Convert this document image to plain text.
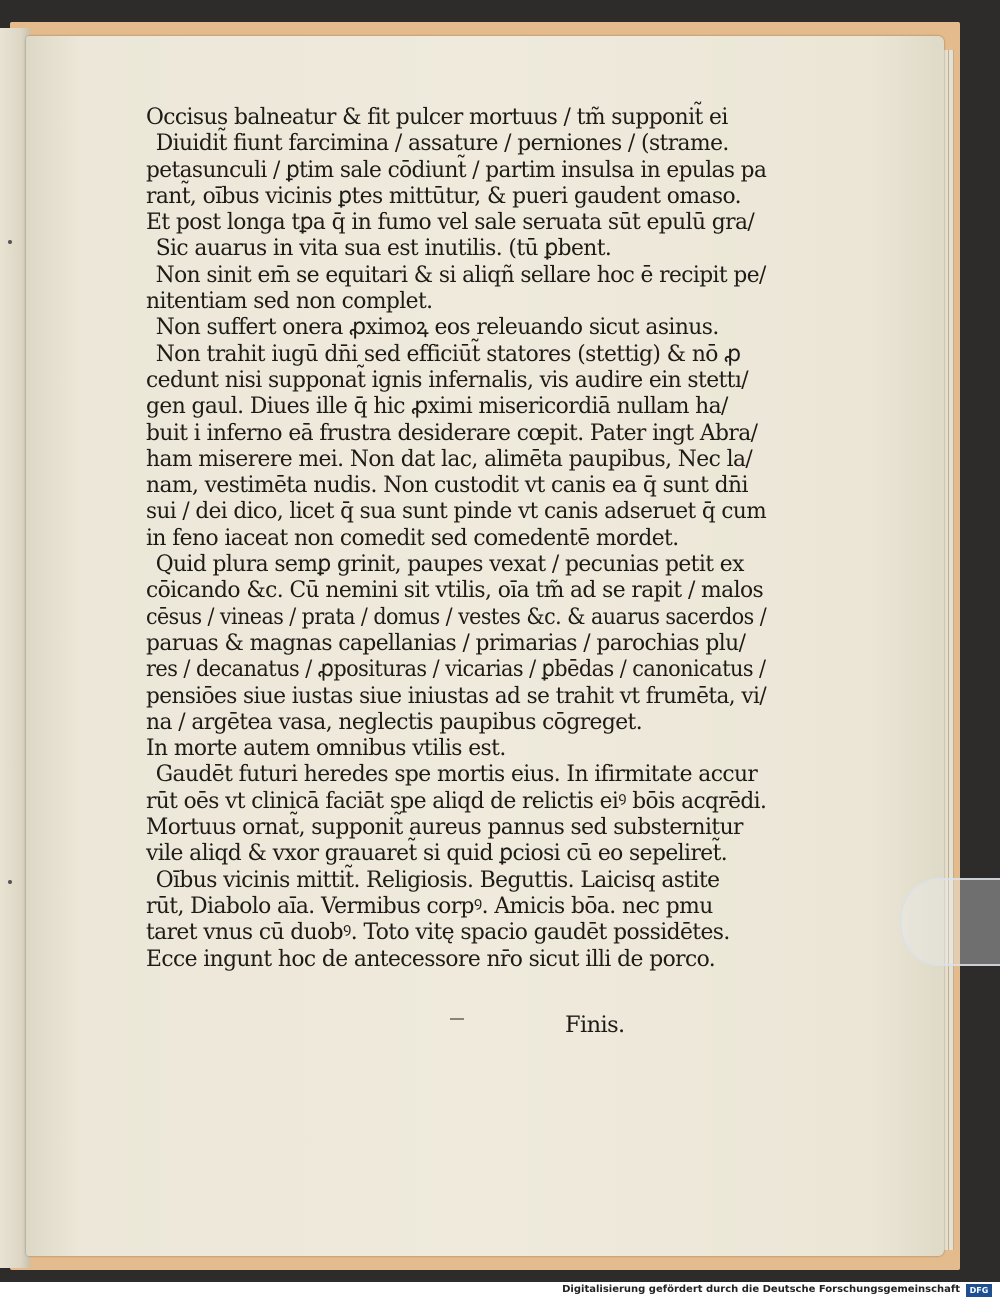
Occisus balneatur & fit pulcer mortuus / tm̃ supponit̃ ei
Diuidit̃ fiunt farcimina / assature / perniones / (strame.
petasunculi / ꝑtim sale cōdiunt̃ / partim insulsa in epulas pa
rant̃, oı̄bus vicinis ꝑtes mittūtur, & pueri gaudent omaso.
Et post longa tꝑa q̄ in fumo vel sale seruata sūt epulū gra/
Sic auarus in vita sua est inutilis. (tū ꝑbent.
Non sinit em̄ se equitari & si aliqñ sellare hoc ē recipit pe/
nitentiam sed non complet.
Non suffert onera ꝓximoꝝ eos releuando sicut asinus.
Non trahit iugū dn̄i sed efficiūt̃ statores (stettig) & nō ꝓ
cedunt nisi supponat̃ ignis infernalis, vis audire ein stettı/
gen gaul. Diues ille q̄ hic ꝓximi misericordiā nullam ha/
buit i inferno eā frustra desiderare cœpit. Pater ingt Abra/
ham miserere mei. Non dat lac, alimēta paupibus, Nec la/
nam, vestimēta nudis. Non custodit vt canis ea q̄ sunt dn̄i
sui / dei dico, licet q̄ sua sunt pinde vt canis adseruet q̄ cum
in feno iaceat non comedit sed comedentē mordet.
Quid plura semꝑ grinit, paupes vexat / pecunias petit ex
cōicando &c. Cū nemini sit vtilis, oı̄a tm̃ ad se rapit / malos
cēsus / vineas / prata / domus / vestes &c. & auarus sacerdos /
paruas & magnas capellanias / primarias / parochias plu/
res / decanatus / ꝓposituras / vicarias / ꝑbēdas / canonicatus /
pensiōes siue iustas siue iniustas ad se trahit vt frumēta, vi/
na / argētea vasa, neglectis paupibus cōgreget.
In morte autem omnibus vtilis est.
Gaudēt futuri heredes spe mortis eius. In ifirmitate accur
rūt oēs vt clinicā faciāt spe aliqd de relictis eiꝰ bōis acqrēdi.
Mortuus ornat̃, supponit̃ aureus pannus sed substernitur
vile aliqd & vxor grauaret̃ si quid ꝑciosi cū eo sepeliret̃.
Oı̄bus vicinis mittit̃. Religiosis. Beguttis. Laicisq astite
rūt, Diabolo aı̄a. Vermibus corpꝰ. Amicis bōa. nec pmu
taret vnus cū duobꝰ. Toto vitę spacio gaudēt possidētes.
Ecce ingunt hoc de antecessore nr̄o sicut illi de porco.
Finis.
Digitalisierung gefördert durch die Deutsche Forschungsgemeinschaft	DFG
